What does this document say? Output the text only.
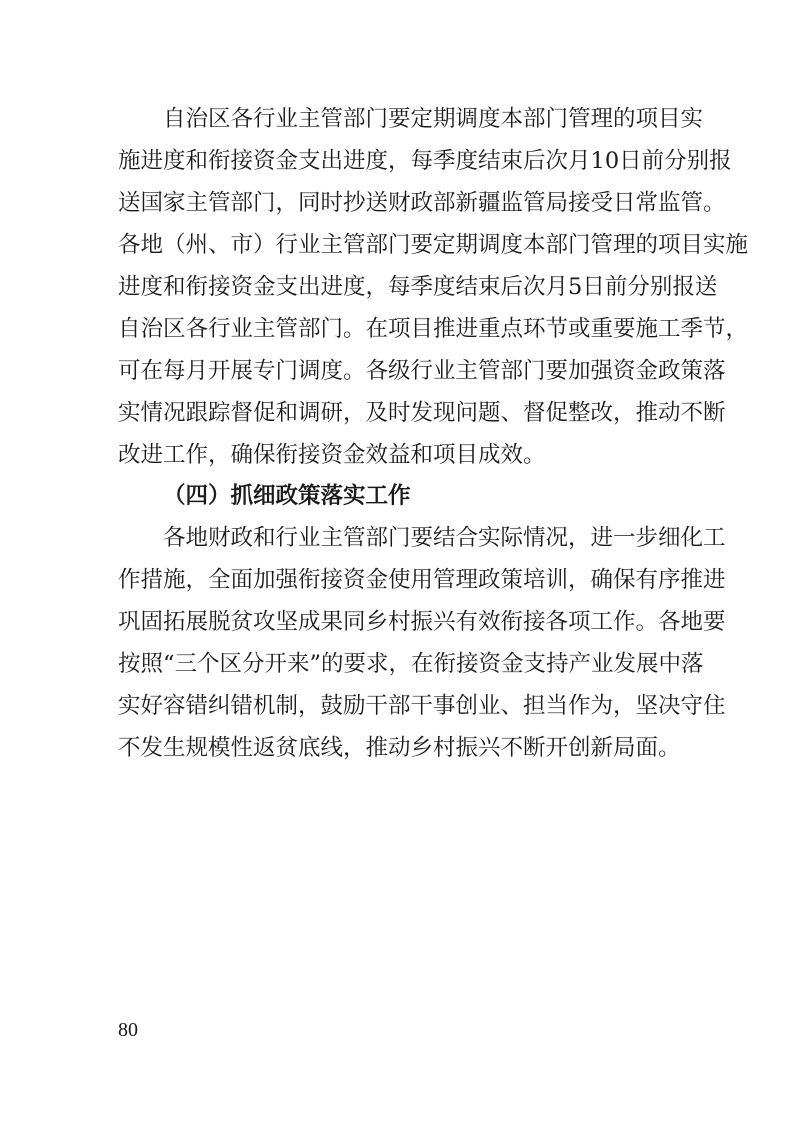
自治区各行业主管部门要定期调度本部门管理的项目实
施进度和衔接资金支出进度，每季度结束后次月10日前分别报
送国家主管部门，同时抄送财政部新疆监管局接受日常监管。
各地（州、市）行业主管部门要定期调度本部门管理的项目实施
进度和衔接资金支出进度，每季度结束后次月5日前分别报送
自治区各行业主管部门。在项目推进重点环节或重要施工季节，
可在每月开展专门调度。各级行业主管部门要加强资金政策落
实情况跟踪督促和调研，及时发现问题、督促整改，推动不断
改进工作，确保衔接资金效益和项目成效。
（四）抓细政策落实工作
各地财政和行业主管部门要结合实际情况，进一步细化工
作措施，全面加强衔接资金使用管理政策培训，确保有序推进
巩固拓展脱贫攻坚成果同乡村振兴有效衔接各项工作。各地要
按照“三个区分开来”的要求，在衔接资金支持产业发展中落
实好容错纠错机制，鼓励干部干事创业、担当作为，坚决守住
不发生规模性返贫底线，推动乡村振兴不断开创新局面。
80
